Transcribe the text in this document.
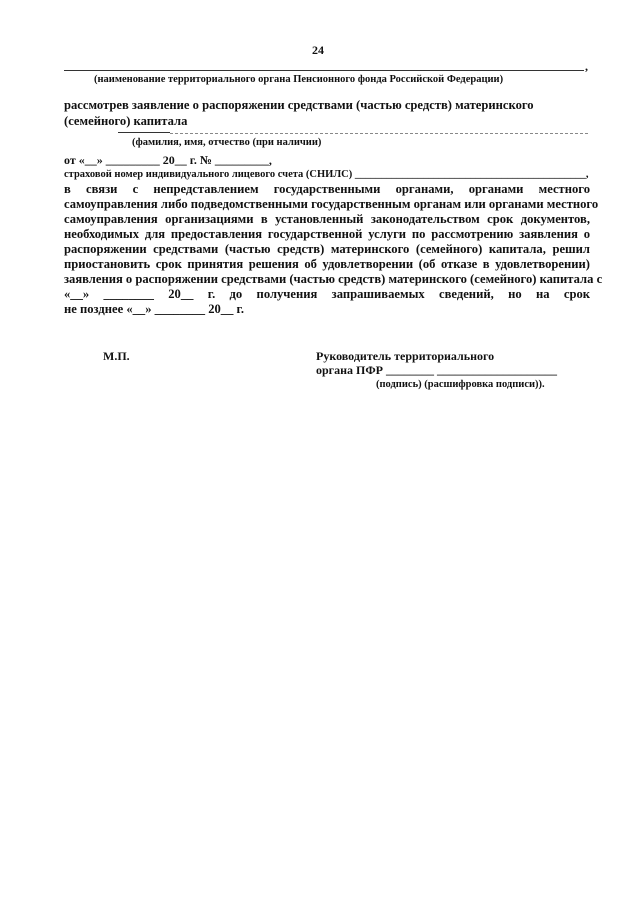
24
,
(наименование территориального органа Пенсионного фонда Российской Федерации)
рассмотрев заявление о распоряжении средствами (частью средств) материнского
(семейного) капитала
(фамилия, имя, отчество (при наличии)
от «__» _________ 20__ г. № _________,
страховой номер индивидуального лицевого счета (СНИЛС) ____________________________________________,
в связи с непредставлением государственными органами, органами местного
самоуправления либо подведомственными государственным органам или органами местного
самоуправления организациями в установленный законодательством срок документов,
необходимых для предоставления государственной услуги по рассмотрению заявления о
распоряжении средствами (частью средств) материнского (семейного) капитала, решил
приостановить срок принятия решения об удовлетворении (об отказе в удовлетворении)
заявления о распоряжении средствами (частью средств) материнского (семейного) капитала с
«__» ________ 20__ г. до получения запрашиваемых сведений, но на срок
не позднее «__» ________ 20__ г.
М.П.	Руководитель территориального
органа ПФР ________ ____________________
(подпись) (расшифровка подписи)).
